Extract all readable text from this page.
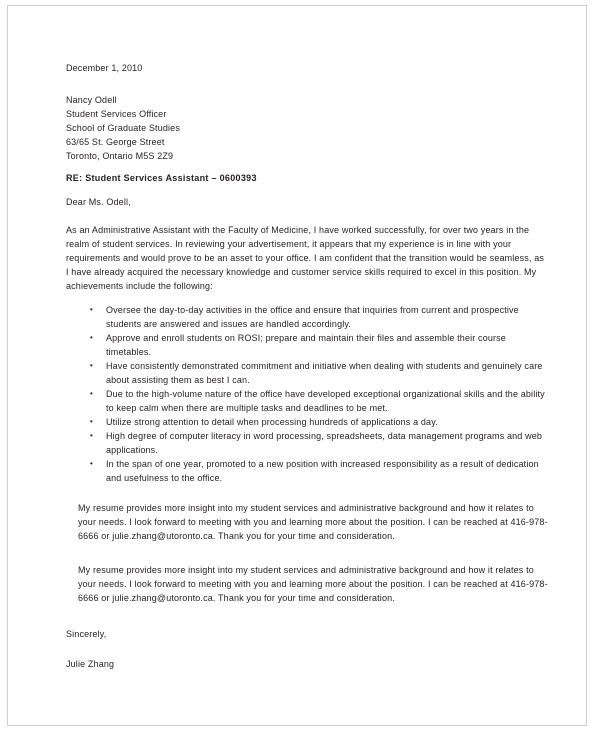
December 1, 2010

Nancy Odell

Student Services Officer

School of Graduate Studies

63/65 St. George Street

Toronto, Ontario M5S 2Z9

RE: Student Services Assistant – 0600393

Dear Ms. Odell,

As an Administrative Assistant with the Faculty of Medicine, I have worked successfully, for over two years in the realm of student services. In reviewing your advertisement, it appears that my experience is in line with your requirements and would prove to be an asset to your office. I am confident that the transition would be seamless, as I have already acquired the necessary knowledge and customer service skills required to excel in this position. My achievements include the following:

•	Oversee the day-to-day activities in the office and ensure that inquiries from current and prospective students are answered and issues are handled accordingly.
•	Approve and enroll students on ROSI; prepare and maintain their files and assemble their course timetables.
•	Have consistently demonstrated commitment and initiative when dealing with students and genuinely care about assisting them as best I can.
•	Due to the high-volume nature of the office have developed exceptional organizational skills and the ability to keep calm when there are multiple tasks and deadlines to be met.
•	Utilize strong attention to detail when processing hundreds of applications a day.
•	High degree of computer literacy in word processing, spreadsheets, data management programs and web applications.
•	In the span of one year, promoted to a new position with increased responsibility as a result of dedication and usefulness to the office.

My resume provides more insight into my student services and administrative background and how it relates to your needs. I look forward to meeting with you and learning more about the position. I can be reached at 416-978-6666 or julie.zhang@utoronto.ca. Thank you for your time and consideration.

My resume provides more insight into my student services and administrative background and how it relates to your needs. I look forward to meeting with you and learning more about the position. I can be reached at 416-978-6666 or julie.zhang@utoronto.ca. Thank you for your time and consideration.

Sincerely,

Julie Zhang
